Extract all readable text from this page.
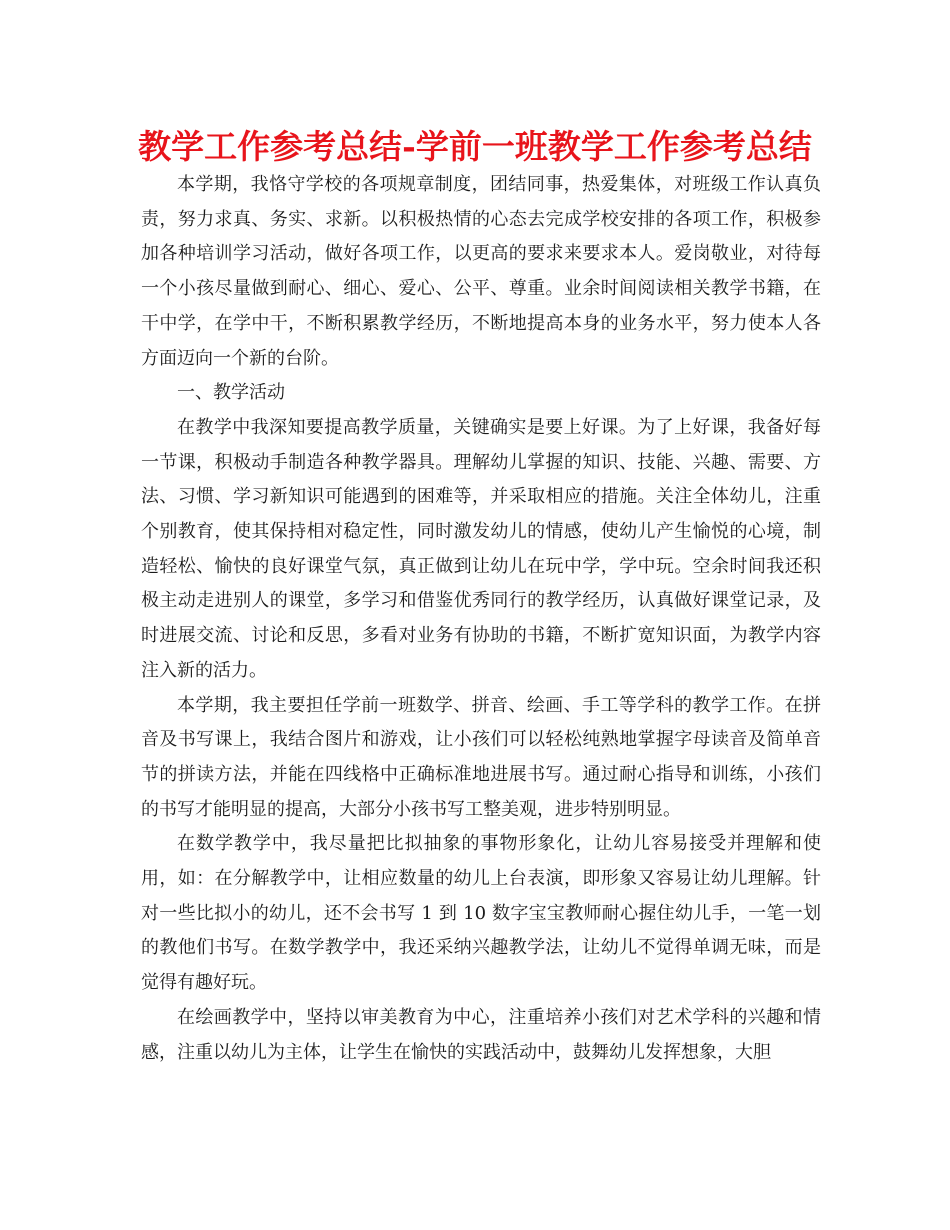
教学工作参考总结-学前一班教学工作参考总结

本学期，我恪守学校的各项规章制度，团结同事，热爱集体，对班级工作认真负责，努力求真、务实、求新。以积极热情的心态去完成学校安排的各项工作，积极参加各种培训学习活动，做好各项工作，以更高的要求来要求本人。爱岗敬业，对待每一个小孩尽量做到耐心、细心、爱心、公平、尊重。业余时间阅读相关教学书籍，在干中学，在学中干，不断积累教学经历，不断地提高本身的业务水平，努力使本人各方面迈向一个新的台阶。

一、教学活动

在教学中我深知要提高教学质量，关键确实是要上好课。为了上好课，我备好每一节课，积极动手制造各种教学器具。理解幼儿掌握的知识、技能、兴趣、需要、方法、习惯、学习新知识可能遇到的困难等，并采取相应的措施。关注全体幼儿，注重个别教育，使其保持相对稳定性，同时激发幼儿的情感，使幼儿产生愉悦的心境，制造轻松、愉快的良好课堂气氛，真正做到让幼儿在玩中学，学中玩。空余时间我还积极主动走进别人的课堂，多学习和借鉴优秀同行的教学经历，认真做好课堂记录，及时进展交流、讨论和反思，多看对业务有协助的书籍，不断扩宽知识面，为教学内容注入新的活力。

本学期，我主要担任学前一班数学、拼音、绘画、手工等学科的教学工作。在拼音及书写课上，我结合图片和游戏，让小孩们可以轻松纯熟地掌握字母读音及简单音节的拼读方法，并能在四线格中正确标准地进展书写。通过耐心指导和训练，小孩们的书写才能明显的提高，大部分小孩书写工整美观，进步特别明显。

在数学教学中，我尽量把比拟抽象的事物形象化，让幼儿容易接受并理解和使用，如：在分解教学中，让相应数量的幼儿上台表演，即形象又容易让幼儿理解。针对一些比拟小的幼儿，还不会书写 1 到 10 数字宝宝教师耐心握住幼儿手，一笔一划的教他们书写。在数学教学中，我还采纳兴趣教学法，让幼儿不觉得单调无味，而是觉得有趣好玩。

在绘画教学中，坚持以审美教育为中心，注重培养小孩们对艺术学科的兴趣和情感，注重以幼儿为主体，让学生在愉快的实践活动中，鼓舞幼儿发挥想象，大胆
